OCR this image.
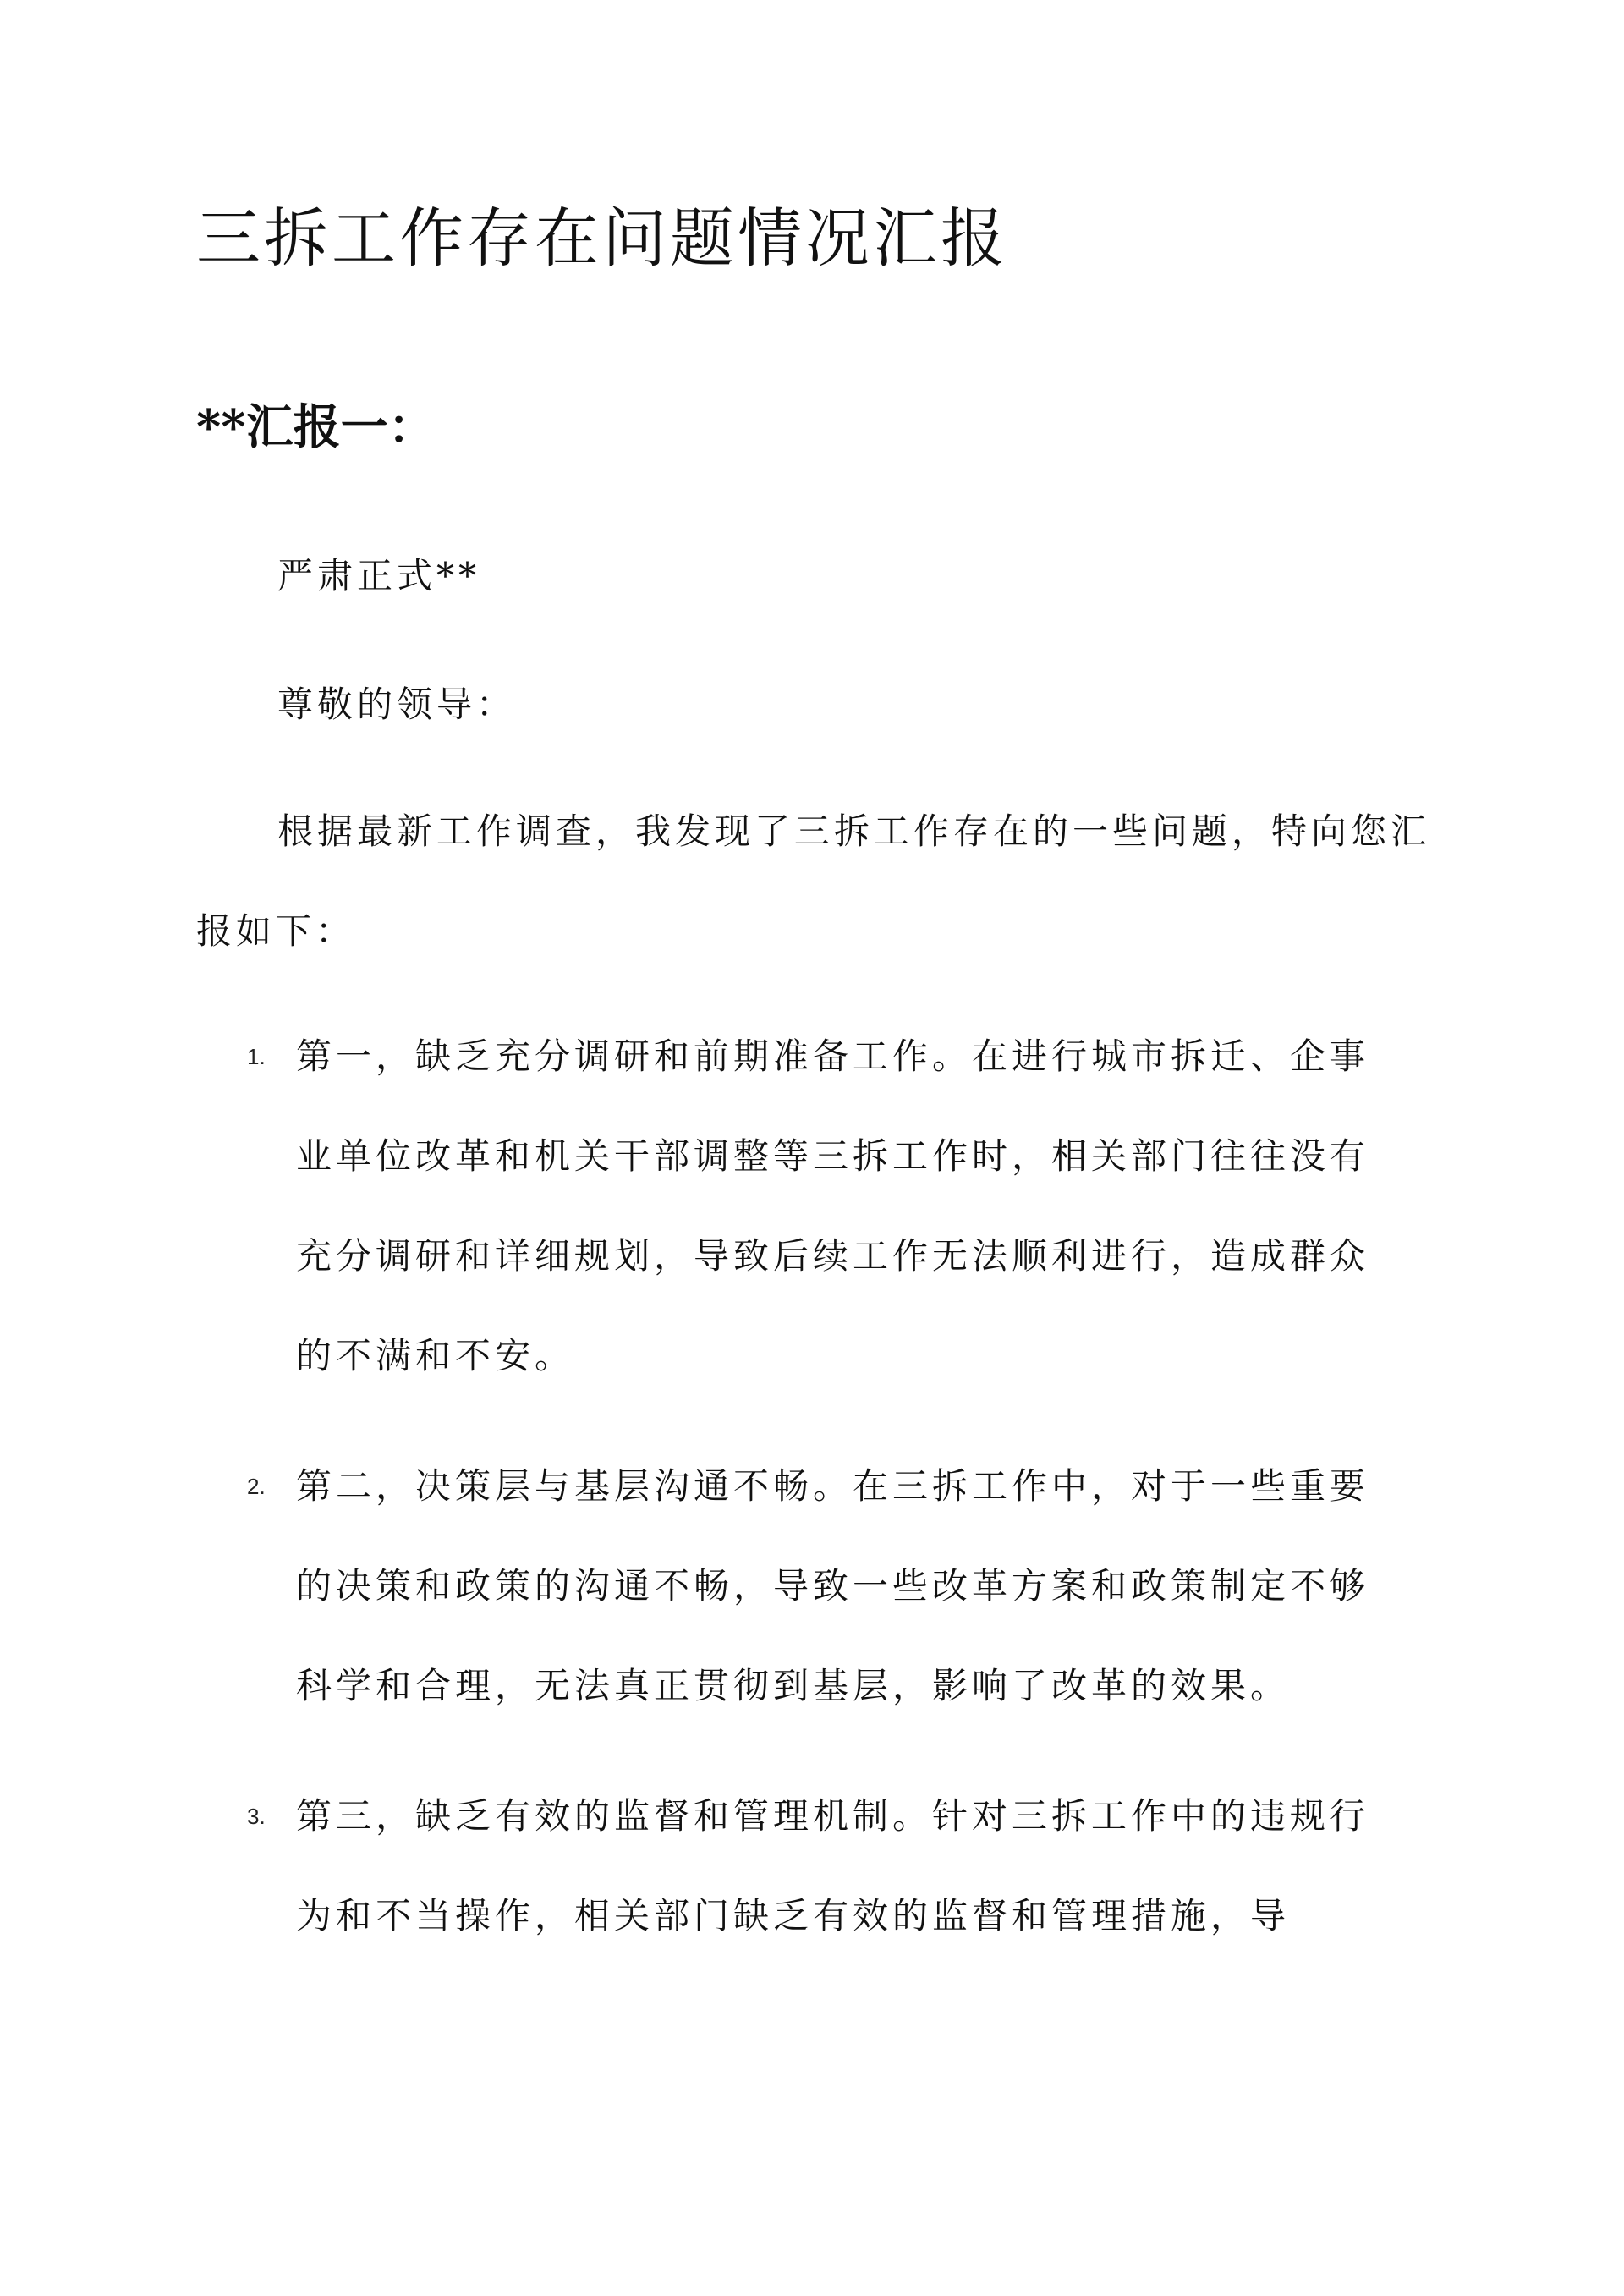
三拆工作存在问题情况汇报
**汇报一：

严肃正式**

尊敬的领导：

根据最新工作调查，我发现了三拆工作存在的一些问题，特向您汇报如下：

1. 第一，缺乏充分调研和前期准备工作。在进行城市拆迁、企事业单位改革和机关干部调整等三拆工作时，相关部门往往没有充分调研和详细规划，导致后续工作无法顺利进行，造成群众的不满和不安。
2. 第二，决策层与基层沟通不畅。在三拆工作中，对于一些重要的决策和政策的沟通不畅，导致一些改革方案和政策制定不够科学和合理，无法真正贯彻到基层，影响了改革的效果。
3. 第三，缺乏有效的监督和管理机制。针对三拆工作中的违规行为和不当操作，相关部门缺乏有效的监督和管理措施，导
